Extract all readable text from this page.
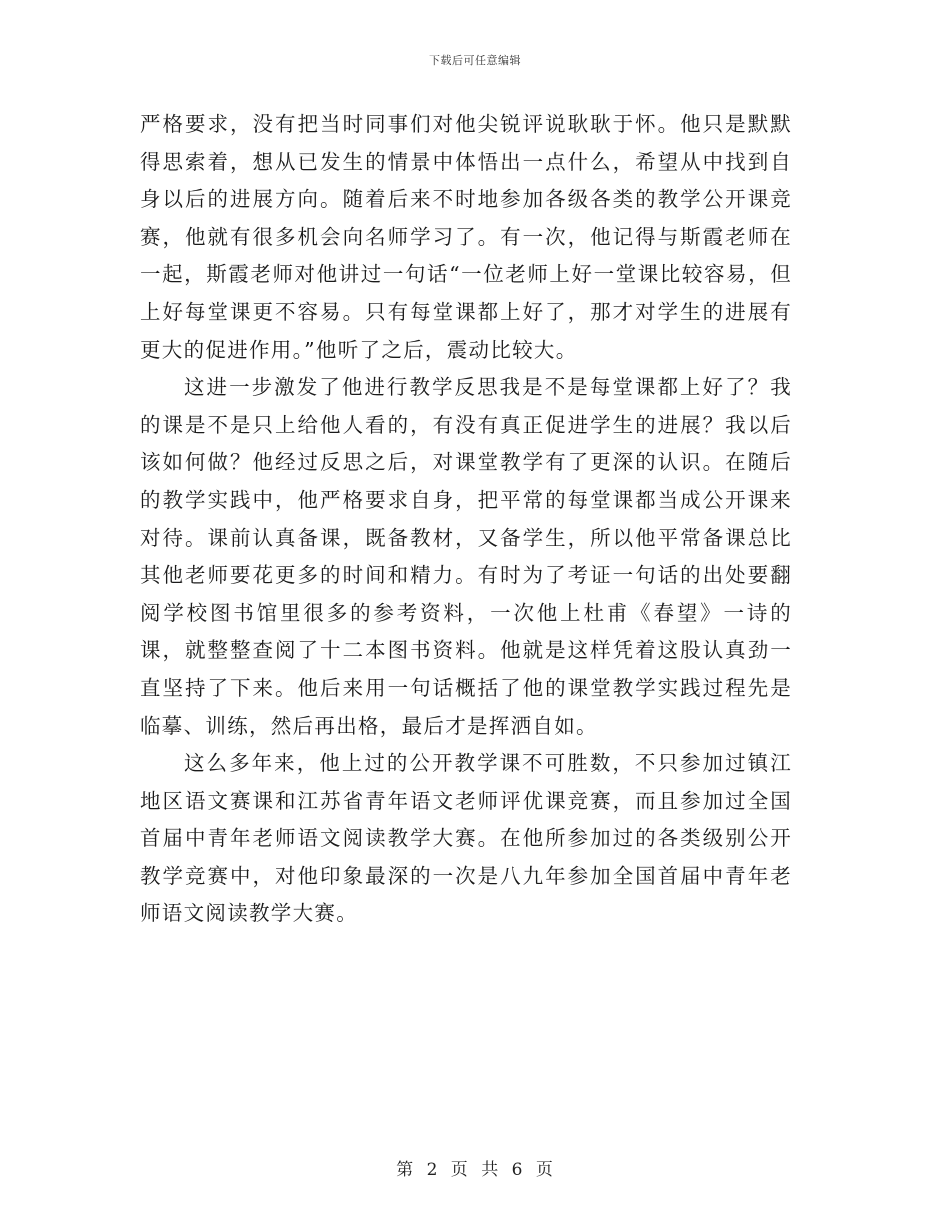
下载后可任意编辑

严格要求，没有把当时同事们对他尖锐评说耿耿于怀。他只是默默得思索着，想从已发生的情景中体悟出一点什么，希望从中找到自身以后的进展方向。随着后来不时地参加各级各类的教学公开课竞赛，他就有很多机会向名师学习了。有一次，他记得与斯霞老师在一起，斯霞老师对他讲过一句话“一位老师上好一堂课比较容易，但上好每堂课更不容易。只有每堂课都上好了，那才对学生的进展有更大的促进作用。”他听了之后，震动比较大。

这进一步激发了他进行教学反思我是不是每堂课都上好了？我的课是不是只上给他人看的，有没有真正促进学生的进展？我以后该如何做？他经过反思之后，对课堂教学有了更深的认识。在随后的教学实践中，他严格要求自身，把平常的每堂课都当成公开课来对待。课前认真备课，既备教材，又备学生，所以他平常备课总比其他老师要花更多的时间和精力。有时为了考证一句话的出处要翻阅学校图书馆里很多的参考资料，一次他上杜甫《春望》一诗的课，就整整查阅了十二本图书资料。他就是这样凭着这股认真劲一直坚持了下来。他后来用一句话概括了他的课堂教学实践过程先是临摹、训练，然后再出格，最后才是挥洒自如。

这么多年来，他上过的公开教学课不可胜数，不只参加过镇江地区语文赛课和江苏省青年语文老师评优课竞赛，而且参加过全国首届中青年老师语文阅读教学大赛。在他所参加过的各类级别公开教学竞赛中，对他印象最深的一次是八九年参加全国首届中青年老师语文阅读教学大赛。

第 2 页 共 6 页
